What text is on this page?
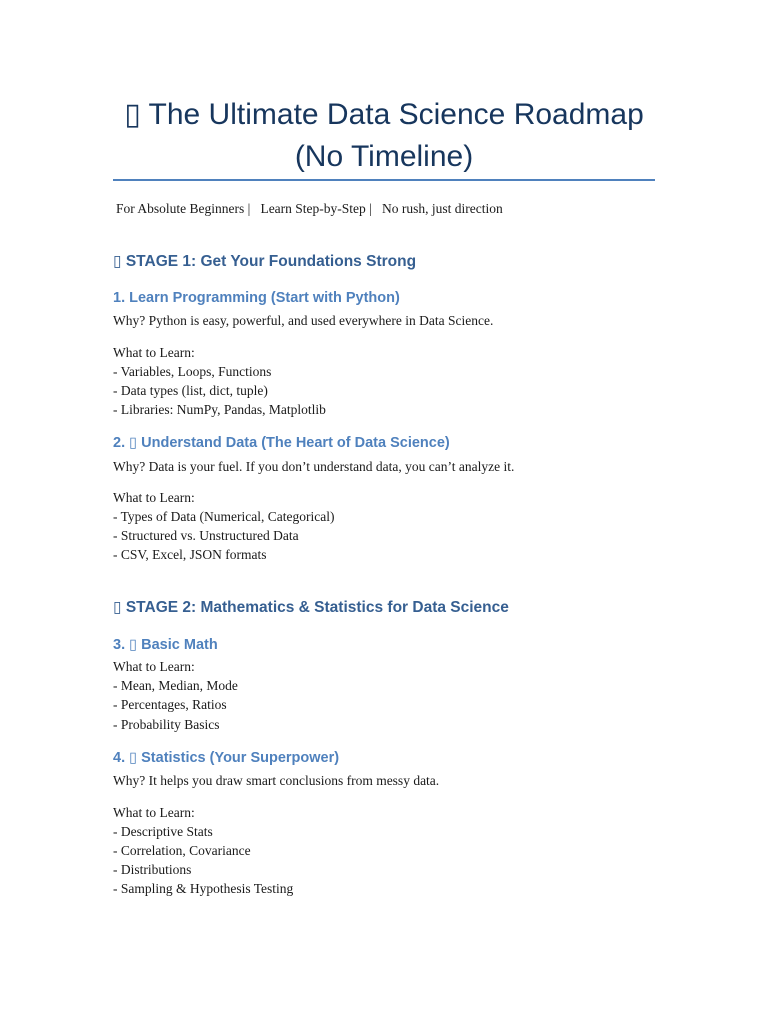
▯ The Ultimate Data Science Roadmap
(No Timeline)
For Absolute Beginners |   Learn Step-by-Step |   No rush, just direction
▯ STAGE 1: Get Your Foundations Strong
1. Learn Programming (Start with Python)
Why? Python is easy, powerful, and used everywhere in Data Science.
What to Learn:
- Variables, Loops, Functions
- Data types (list, dict, tuple)
- Libraries: NumPy, Pandas, Matplotlib
2. ▯ Understand Data (The Heart of Data Science)
Why? Data is your fuel. If you don’t understand data, you can’t analyze it.
What to Learn:
- Types of Data (Numerical, Categorical)
- Structured vs. Unstructured Data
- CSV, Excel, JSON formats
▯ STAGE 2: Mathematics & Statistics for Data Science
3. ▯ Basic Math
What to Learn:
- Mean, Median, Mode
- Percentages, Ratios
- Probability Basics
4. ▯ Statistics (Your Superpower)
Why? It helps you draw smart conclusions from messy data.
What to Learn:
- Descriptive Stats
- Correlation, Covariance
- Distributions
- Sampling & Hypothesis Testing
